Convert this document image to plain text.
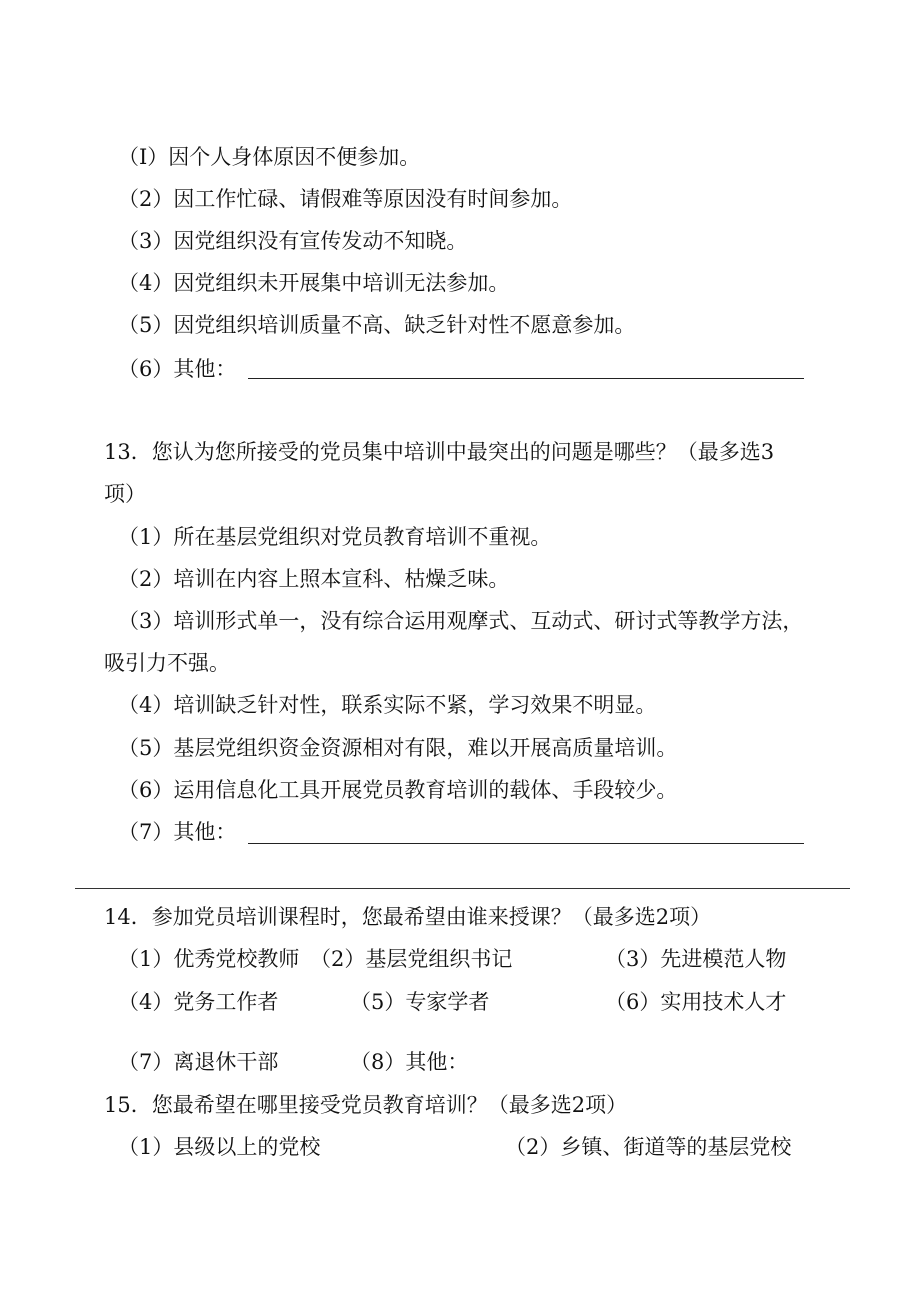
（I）因个人身体原因不便参加。
（2）因工作忙碌、请假难等原因没有时间参加。
（3）因党组织没有宣传发动不知晓。
（4）因党组织未开展集中培训无法参加。
（5）因党组织培训质量不高、缺乏针对性不愿意参加。
（6）其他：
13．您认为您所接受的党员集中培训中最突出的问题是哪些？（最多选3
项）
（1）所在基层党组织对党员教育培训不重视。
（2）培训在内容上照本宣科、枯燥乏味。
（3）培训形式单一，没有综合运用观摩式、互动式、研讨式等教学方法，
吸引力不强。
（4）培训缺乏针对性，联系实际不紧，学习效果不明显。
（5）基层党组织资金资源相对有限，难以开展高质量培训。
（6）运用信息化工具开展党员教育培训的载体、手段较少。
（7）其他：
14．参加党员培训课程时，您最希望由谁来授课？（最多选2项）
（1）优秀党校教师 （2）基层党组织书记	（3）先进模范人物
（4）党务工作者	（5）专家学者	（6）实用技术人才
（7）离退休干部	（8）其他：
15．您最希望在哪里接受党员教育培训？（最多选2项）
（1）县级以上的党校	（2）乡镇、街道等的基层党校
